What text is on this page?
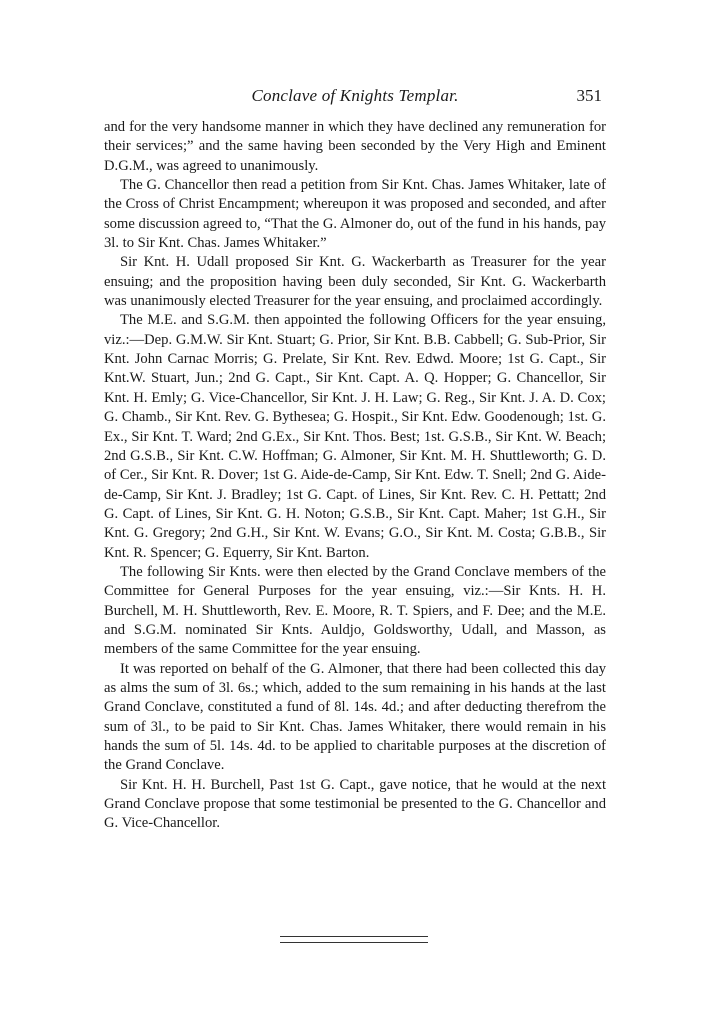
Conclave of Knights Templar.	351

and for the very handsome manner in which they have declined any remuneration for their services;” and the same having been seconded by the Very High and Eminent D.G.M., was agreed to unanimously.

The G. Chancellor then read a petition from Sir Knt. Chas. James Whitaker, late of the Cross of Christ Encampment; whereupon it was proposed and seconded, and after some discussion agreed to, “That the G. Almoner do, out of the fund in his hands, pay 3l. to Sir Knt. Chas. James Whitaker.”

Sir Knt. H. Udall proposed Sir Knt. G. Wackerbarth as Treasurer for the year ensuing; and the proposition having been duly seconded, Sir Knt. G. Wackerbarth was unanimously elected Treasurer for the year ensuing, and proclaimed accordingly.

The M.E. and S.G.M. then appointed the following Officers for the year ensuing, viz.:—Dep. G.M.W. Sir Knt. Stuart; G. Prior, Sir Knt. B.B. Cabbell; G. Sub-Prior, Sir Knt. John Carnac Morris; G. Prelate, Sir Knt. Rev. Edwd. Moore; 1st G. Capt., Sir Knt.W. Stuart, Jun.; 2nd G. Capt., Sir Knt. Capt. A. Q. Hopper; G. Chancellor, Sir Knt. H. Emly; G. Vice-Chancellor, Sir Knt. J. H. Law; G. Reg., Sir Knt. J. A. D. Cox; G. Chamb., Sir Knt. Rev. G. Bythesea; G. Hospit., Sir Knt. Edw. Goodenough; 1st. G. Ex., Sir Knt. T. Ward; 2nd G.Ex., Sir Knt. Thos. Best; 1st. G.S.B., Sir Knt. W. Beach; 2nd G.S.B., Sir Knt. C.W. Hoffman; G. Almoner, Sir Knt. M. H. Shuttleworth; G. D. of Cer., Sir Knt. R. Dover; 1st G. Aide-de-Camp, Sir Knt. Edw. T. Snell; 2nd G. Aide-de-Camp, Sir Knt. J. Bradley; 1st G. Capt. of Lines, Sir Knt. Rev. C. H. Pettatt; 2nd G. Capt. of Lines, Sir Knt. G. H. Noton; G.S.B., Sir Knt. Capt. Maher; 1st G.H., Sir Knt. G. Gregory; 2nd G.H., Sir Knt. W. Evans; G.O., Sir Knt. M. Costa; G.B.B., Sir Knt. R. Spencer; G. Equerry, Sir Knt. Barton.

The following Sir Knts. were then elected by the Grand Conclave members of the Committee for General Purposes for the year ensuing, viz.:—Sir Knts. H. H. Burchell, M. H. Shuttleworth, Rev. E. Moore, R. T. Spiers, and F. Dee; and the M.E. and S.G.M. nominated Sir Knts. Auldjo, Goldsworthy, Udall, and Masson, as members of the same Committee for the year ensuing.

It was reported on behalf of the G. Almoner, that there had been collected this day as alms the sum of 3l. 6s.; which, added to the sum remaining in his hands at the last Grand Conclave, constituted a fund of 8l. 14s. 4d.; and after deducting therefrom the sum of 3l., to be paid to Sir Knt. Chas. James Whitaker, there would remain in his hands the sum of 5l. 14s. 4d. to be applied to charitable purposes at the discretion of the Grand Conclave.

Sir Knt. H. H. Burchell, Past 1st G. Capt., gave notice, that he would at the next Grand Conclave propose that some testimonial be presented to the G. Chancellor and G. Vice-Chancellor.
